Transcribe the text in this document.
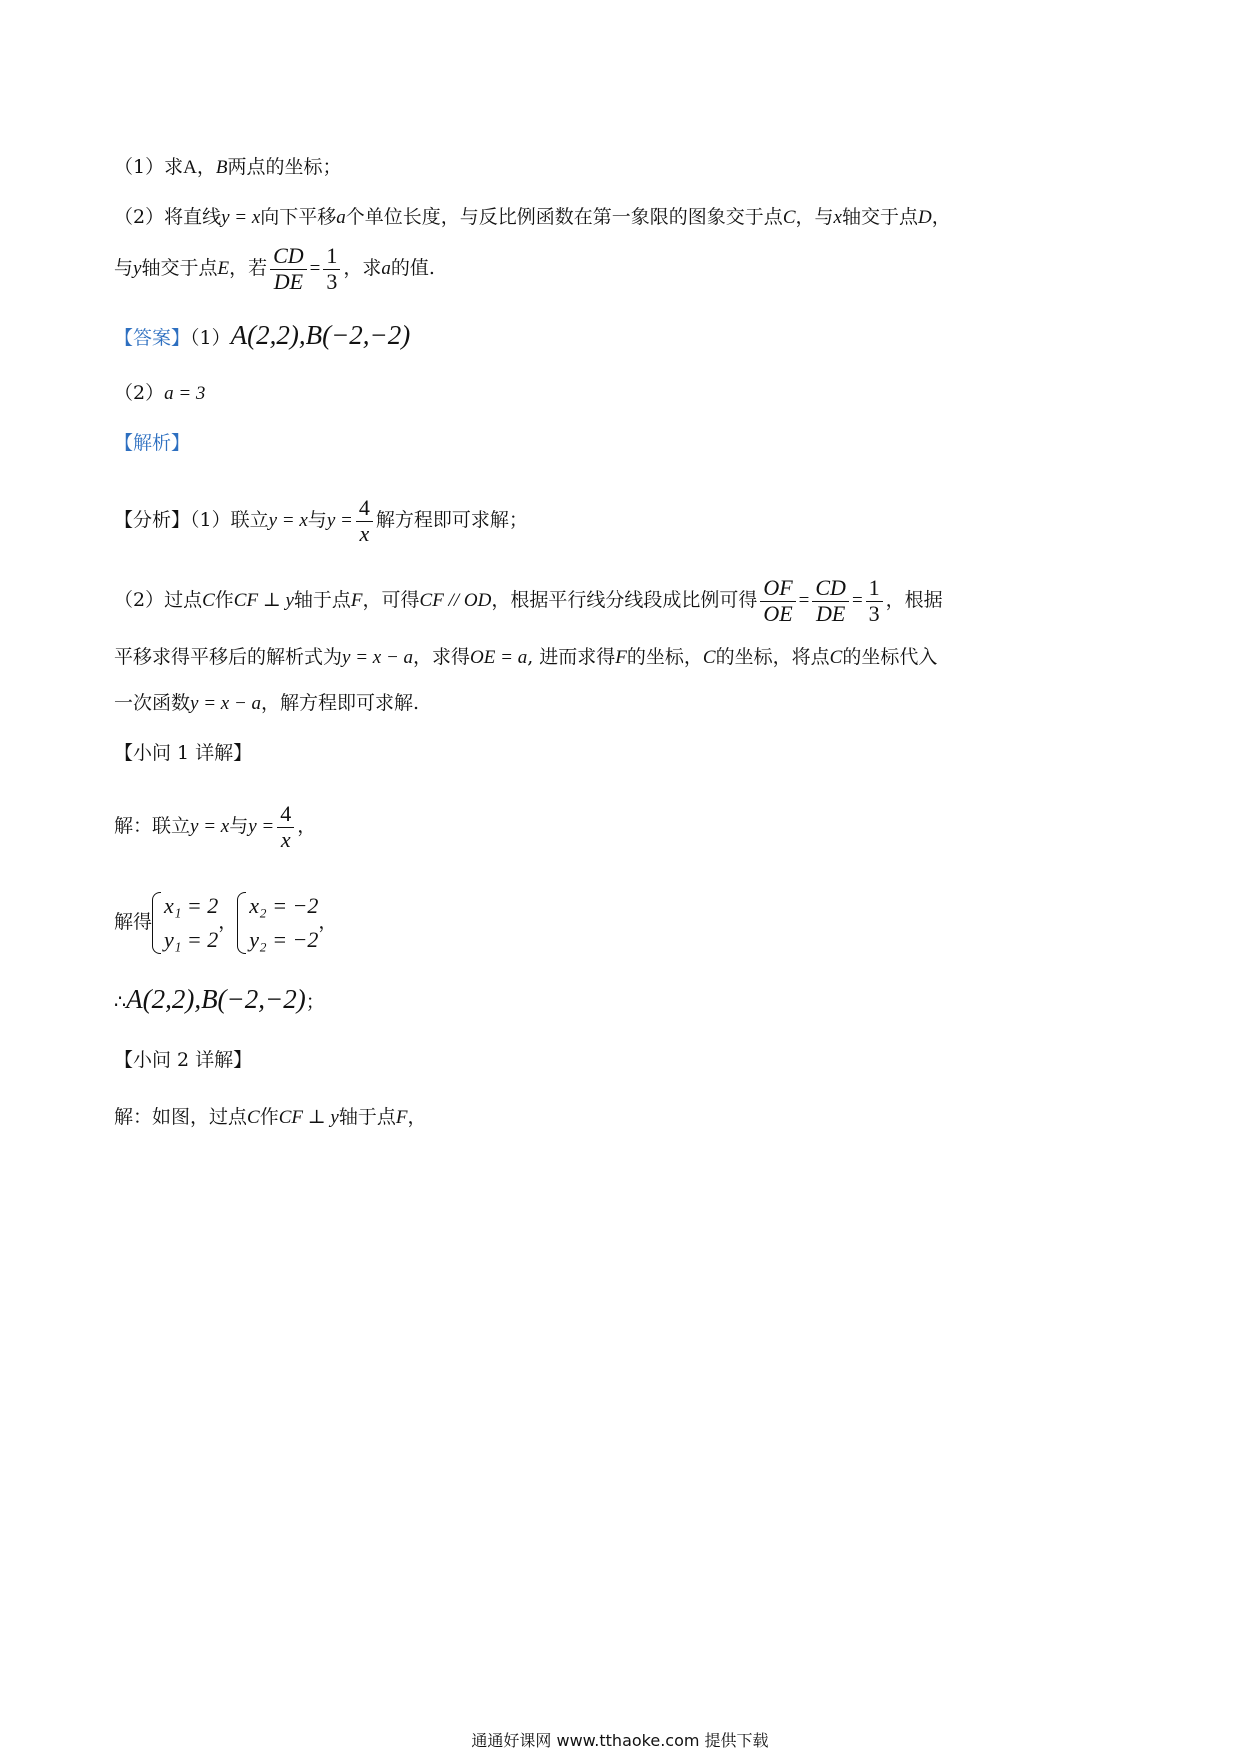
（1）求A，B两点的坐标；
（2）将直线y = x向下平移a个单位长度，与反比例函数在第一象限的图象交于点C，与x轴交于点D，
与y轴交于点E，若 $\frac{CD}{DE} = \frac{1}{3}$ ，求a的值.
【答案】（1）A(2,2),B(−2,−2)
（2）a = 3
【解析】
【分析】（1）联立y = x与$y = \frac{4}{x}$ 解方程即可求解；
（2）过点C作CF ⊥ y轴于点F，可得CF // OD，根据平行线分线段成比例可得 $\frac{OF}{OE} = \frac{CD}{DE} = \frac{1}{3}$ ，根据
平移求得平移后的解析式为y = x − a，求得OE = a, 进而求得F的坐标，C的坐标，将点C的坐标代入
一次函数y = x − a，解方程即可求解.
【小问 1 详解】
解：联立y = x与$y = \frac{4}{x}$ ，
解得
x₁ = 2
y₁ = 2
，
x₂ = −2
y₂ = −2
，
∴A(2,2),B(−2,−2)；
【小问 2 详解】
解：如图，过点C作CF ⊥ y轴于点F，
通通好课网 www.tthaoke.com 提供下载
